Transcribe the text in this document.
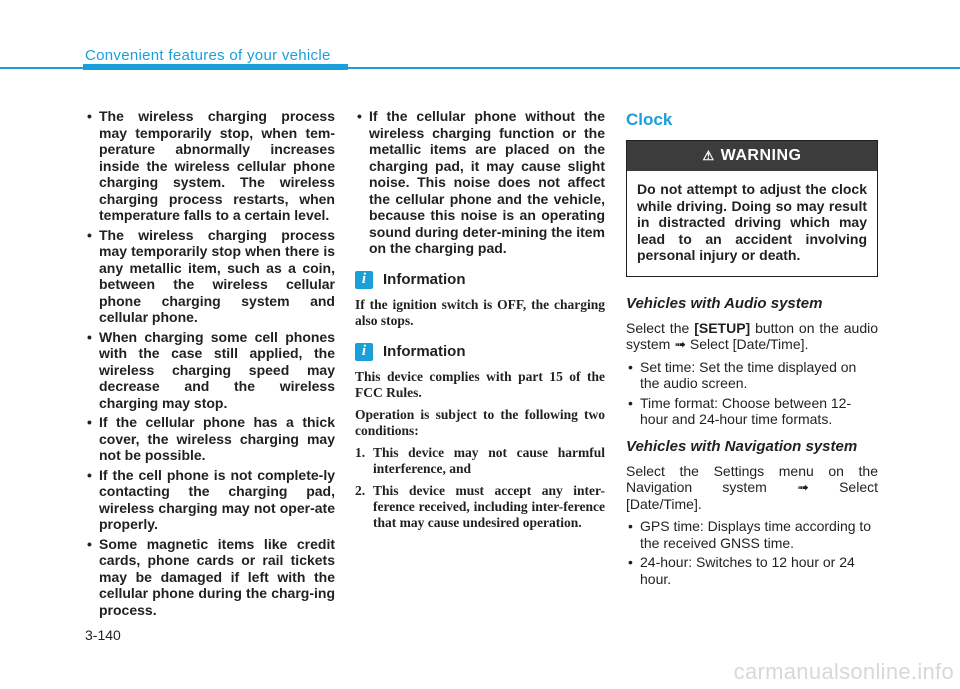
Convenient features of your vehicle
• The wireless charging process may temporarily stop, when tem-perature abnormally increases inside the wireless cellular phone charging system. The wireless charging process restarts, when temperature falls to a certain level.
• The wireless charging process may temporarily stop when there is any metallic item, such as a coin, between the wireless cellular phone charging system and cellular phone.
• When charging some cell phones with the case still applied, the wireless charging speed may decrease and the wireless charging may stop.
• If the cellular phone has a thick cover, the wireless charging may not be possible.
• If the cell phone is not complete-ly contacting the charging pad, wireless charging may not oper-ate properly.
• Some magnetic items like credit cards, phone cards or rail tickets may be damaged if left with the cellular phone during the charg-ing process.
• If the cellular phone without the wireless charging function or the metallic items are placed on the charging pad, it may cause slight noise. This noise does not affect the cellular phone and the vehicle, because this noise is an operating sound during deter-mining the item on the charging pad.
i	Information

If the ignition switch is OFF, the charging also stops.

i	Information

This device complies with part 15 of the FCC Rules.

Operation is subject to the following two conditions:

1. This device may not cause harmful interference, and
2. This device must accept any inter-ference received, including inter-ference that may cause undesired operation.
Clock
⚠ WARNING
Do not attempt to adjust the clock while driving. Doing so may result in distracted driving which may lead to an accident involving personal injury or death.
Vehicles with Audio system

Select the [SETUP] button on the audio system ➟ Select [Date/Time].

• Set time: Set the time displayed on the audio screen.
• Time format: Choose between 12-hour and 24-hour time formats.
Vehicles with Navigation system

Select the Settings menu on the Navigation system ➟ Select [Date/Time].

• GPS time: Displays time according to the received GNSS time.
• 24-hour: Switches to 12 hour or 24 hour.
3-140
carmanualsonline.info
